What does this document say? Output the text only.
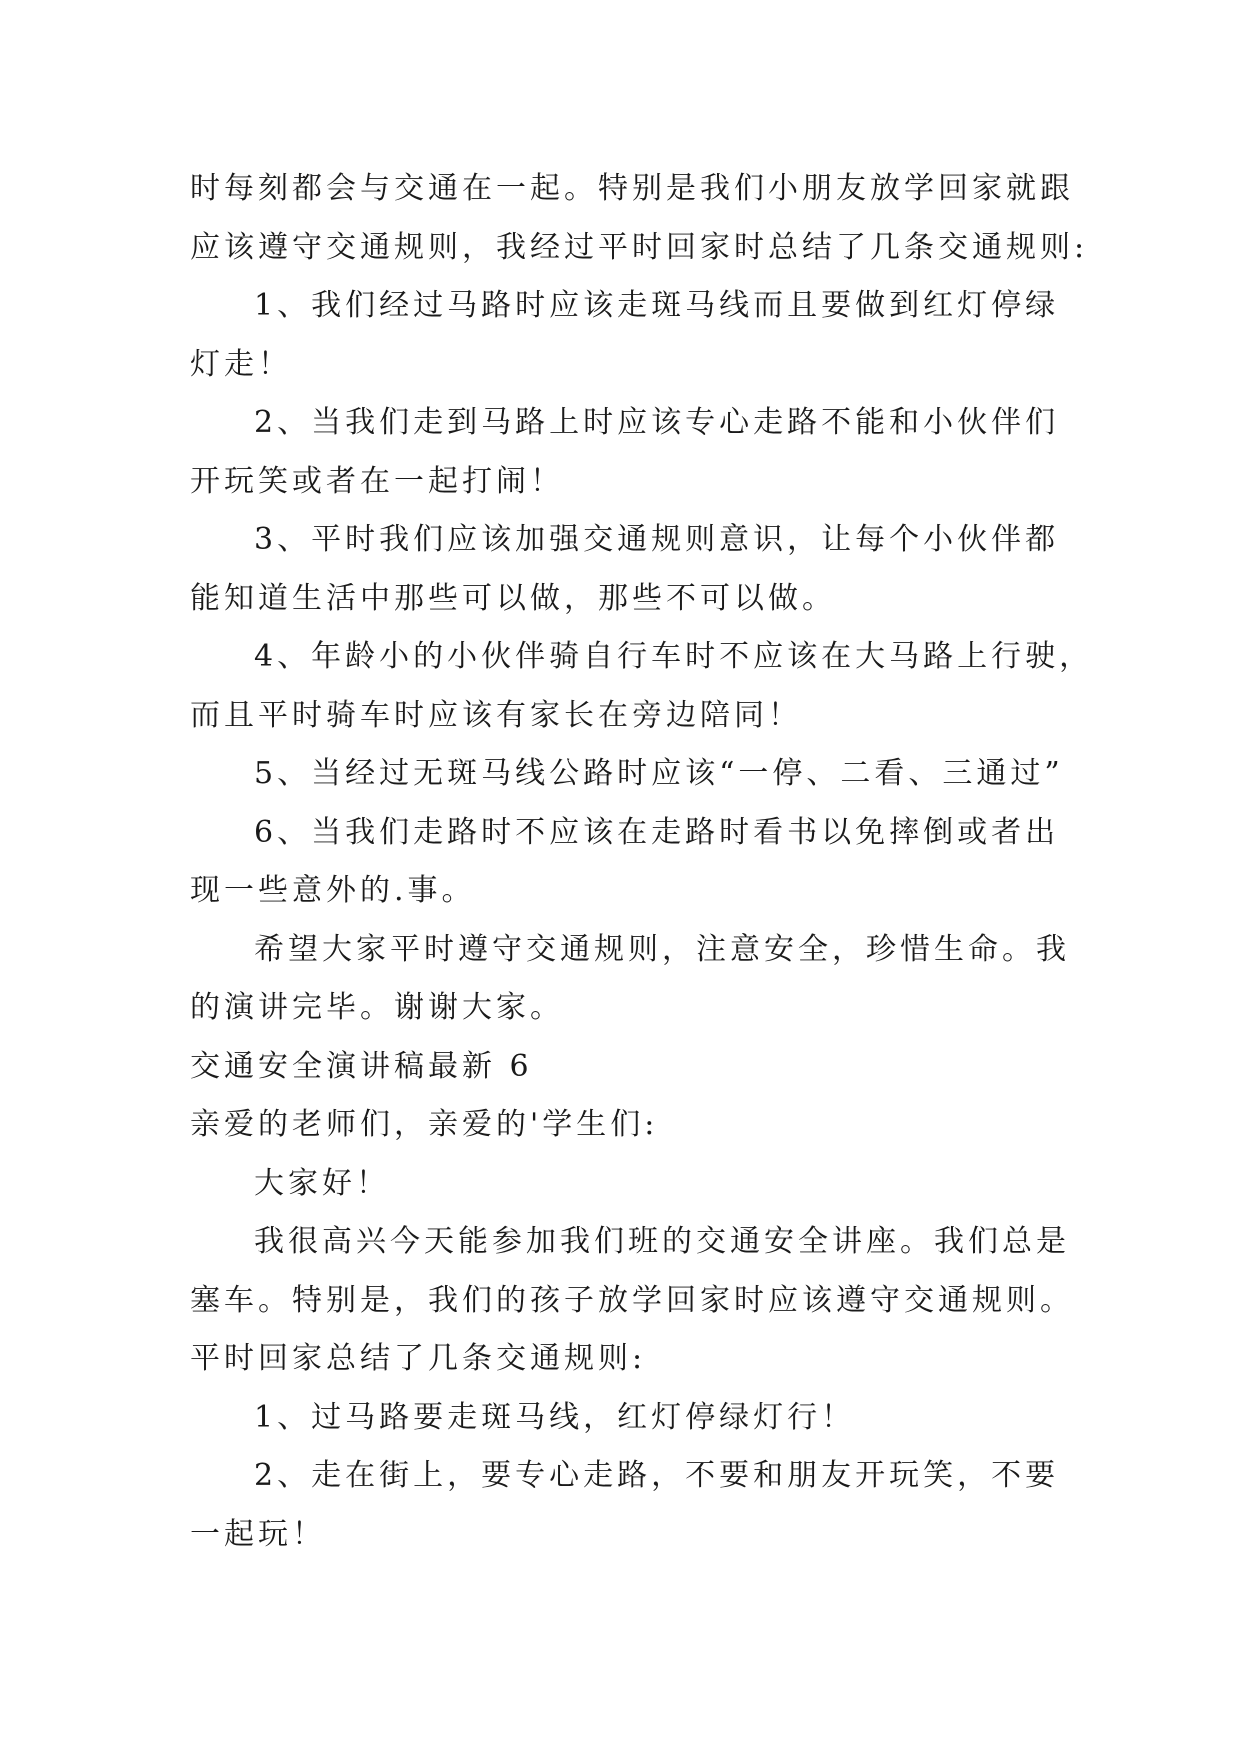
时每刻都会与交通在一起。特别是我们小朋友放学回家就跟
应该遵守交通规则，我经过平时回家时总结了几条交通规则:
1、我们经过马路时应该走斑马线而且要做到红灯停绿
灯走！
2、当我们走到马路上时应该专心走路不能和小伙伴们
开玩笑或者在一起打闹！
3、平时我们应该加强交通规则意识，让每个小伙伴都
能知道生活中那些可以做，那些不可以做。
4、年龄小的小伙伴骑自行车时不应该在大马路上行驶，
而且平时骑车时应该有家长在旁边陪同！
5、当经过无斑马线公路时应该“一停、二看、三通过”
6、当我们走路时不应该在走路时看书以免摔倒或者出
现一些意外的.事。
希望大家平时遵守交通规则，注意安全，珍惜生命。我
的演讲完毕。谢谢大家。
交通安全演讲稿最新 6
亲爱的老师们，亲爱的'学生们:
大家好！
我很高兴今天能参加我们班的交通安全讲座。我们总是
塞车。特别是，我们的孩子放学回家时应该遵守交通规则。
平时回家总结了几条交通规则:
1、过马路要走斑马线，红灯停绿灯行！
2、走在街上，要专心走路，不要和朋友开玩笑，不要
一起玩！
